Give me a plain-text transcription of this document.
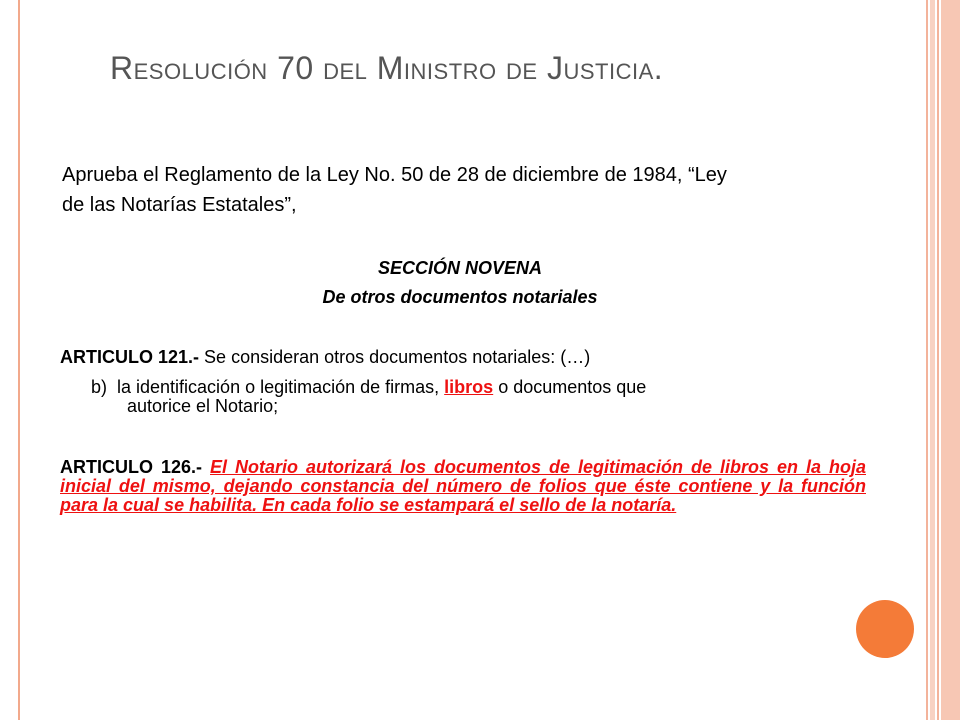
Resolución 70 del Ministro de Justicia.
Aprueba el Reglamento de la Ley No. 50 de 28 de diciembre de 1984, “Ley
de las Notarías Estatales”,
SECCIÓN NOVENA
De otros documentos notariales
ARTICULO 121.- Se consideran otros documentos notariales: (…)
b)  la identificación o legitimación de firmas, libros o documentos que
autorice el Notario;
ARTICULO 126.- El Notario autorizará los documentos de legitimación de libros en la hoja inicial del mismo, dejando constancia del número de folios que éste contiene y la función para la cual se habilita. En cada folio se estampará el sello de la notaría.
